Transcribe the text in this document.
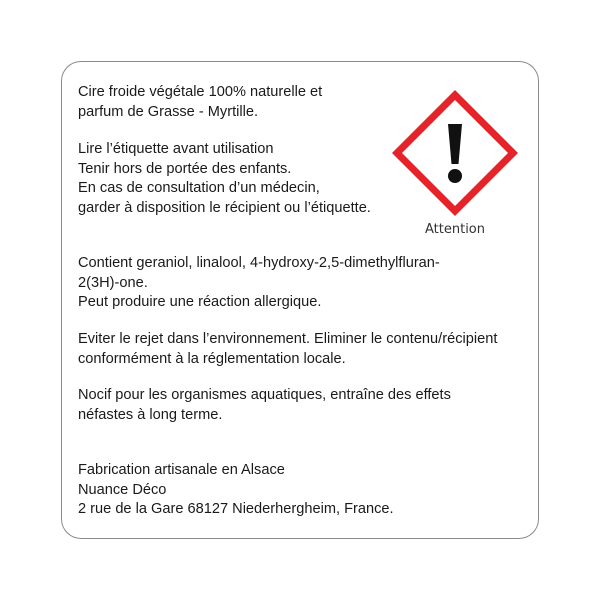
Cire froide végétale 100% naturelle et
parfum de Grasse - Myrtille.

Lire l’étiquette avant utilisation
Tenir hors de portée des enfants.
En cas de consultation d’un médecin,
garder à disposition le récipient ou l’étiquette.

Attention

Contient geraniol, linalool, 4-hydroxy-2,5-dimethylfluran-
2(3H)-one.
Peut produire une réaction allergique.

Eviter le rejet dans l’environnement. Eliminer le contenu/récipient
conformément à la réglementation locale.

Nocif pour les organismes aquatiques, entraîne des effets
néfastes à long terme.

Fabrication artisanale en Alsace
Nuance Déco
2 rue de la Gare 68127 Niederhergheim, France.
